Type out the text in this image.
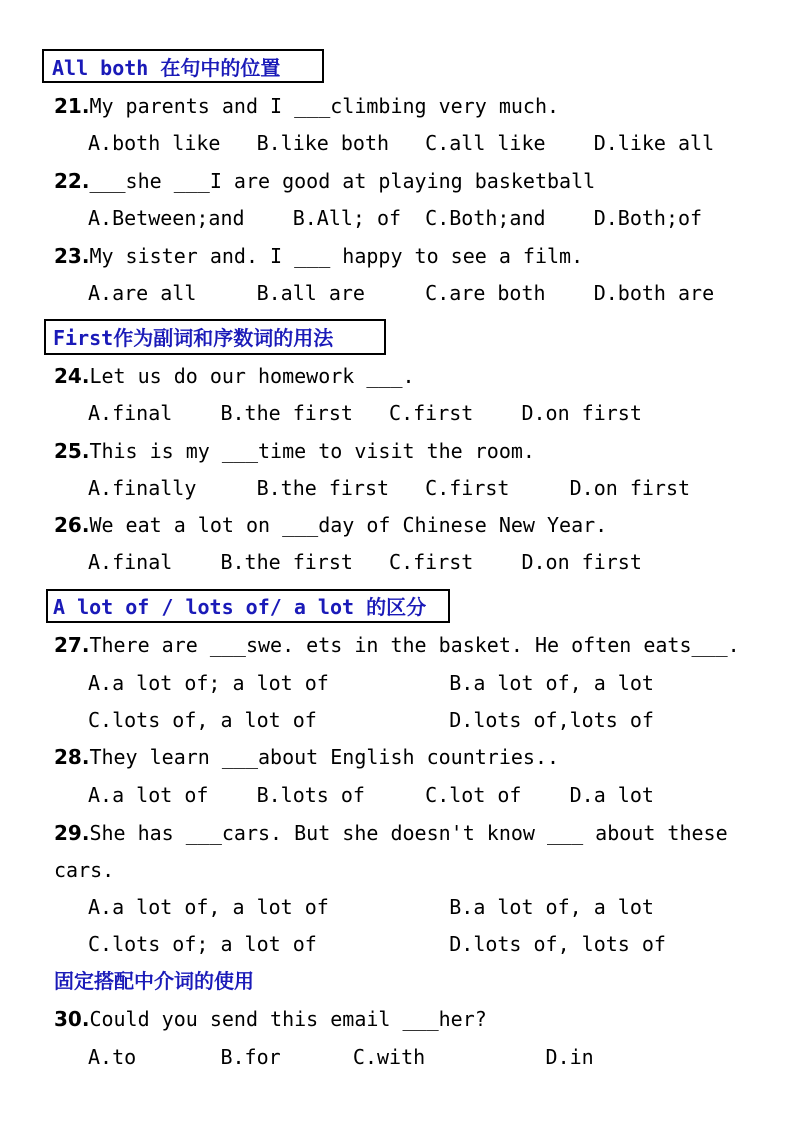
All both 在句中的位置
21.My parents and I ___climbing very much.
A.both like   B.like both   C.all like    D.like all
22.___she ___I are good at playing basketball
A.Between;and    B.All; of  C.Both;and    D.Both;of
23.My sister and. I ___ happy to see a film.
A.are all     B.all are     C.are both    D.both are
First作为副词和序数词的用法
24.Let us do our homework ___.
A.final    B.the first   C.first    D.on first
25.This is my ___time to visit the room.
A.finally     B.the first   C.first     D.on first
26.We eat a lot on ___day of Chinese New Year.
A.final    B.the first   C.first    D.on first
A lot of / lots of/ a lot 的区分
27.There are ___swe. ets in the basket. He often eats___.
A.a lot of; a lot of          B.a lot of, a lot
C.lots of, a lot of           D.lots of,lots of
28.They learn ___about English countries..
A.a lot of    B.lots of     C.lot of    D.a lot
29.She has ___cars. But she doesn't know ___ about these
cars.
A.a lot of, a lot of          B.a lot of, a lot
C.lots of; a lot of           D.lots of, lots of
固定搭配中介词的使用
30.Could you send this email ___her?
A.to       B.for      C.with          D.in
